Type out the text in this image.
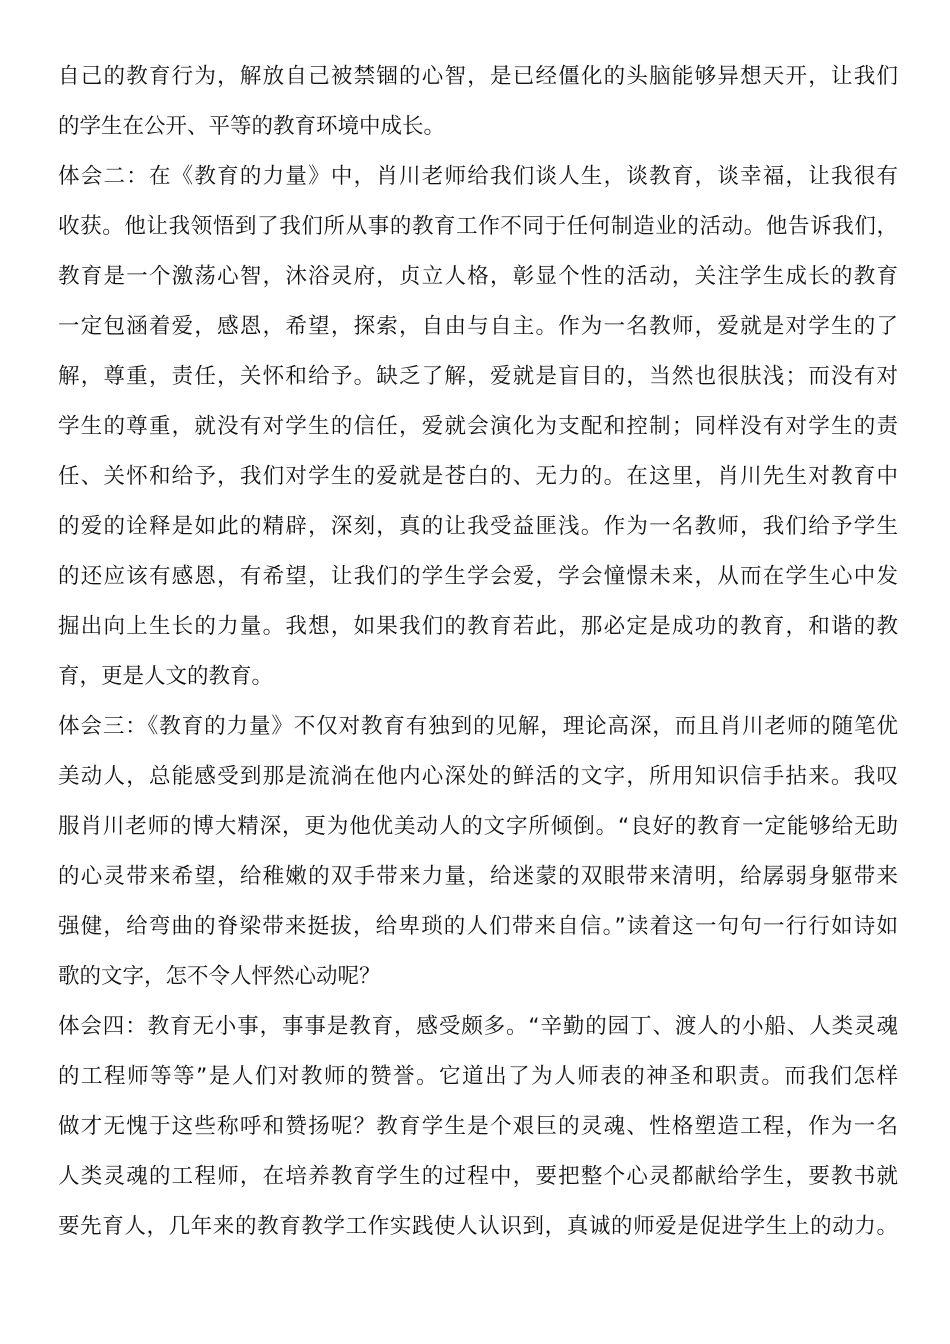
自己的教育行为，解放自己被禁锢的心智，是已经僵化的头脑能够异想天开，让我们
的学生在公开、平等的教育环境中成长。
体会二：在《教育的力量》中，肖川老师给我们谈人生，谈教育，谈幸福，让我很有
收获。他让我领悟到了我们所从事的教育工作不同于任何制造业的活动。他告诉我们，
教育是一个激荡心智，沐浴灵府，贞立人格，彰显个性的活动，关注学生成长的教育
一定包涵着爱，感恩，希望，探索，自由与自主。作为一名教师，爱就是对学生的了
解，尊重，责任，关怀和给予。缺乏了解，爱就是盲目的，当然也很肤浅；而没有对
学生的尊重，就没有对学生的信任，爱就会演化为支配和控制；同样没有对学生的责
任、关怀和给予，我们对学生的爱就是苍白的、无力的。在这里，肖川先生对教育中
的爱的诠释是如此的精辟，深刻，真的让我受益匪浅。作为一名教师，我们给予学生
的还应该有感恩，有希望，让我们的学生学会爱，学会憧憬未来，从而在学生心中发
掘出向上生长的力量。我想，如果我们的教育若此，那必定是成功的教育，和谐的教
育，更是人文的教育。
体会三：《教育的力量》不仅对教育有独到的见解，理论高深，而且肖川老师的随笔优
美动人，总能感受到那是流淌在他内心深处的鲜活的文字，所用知识信手拈来。我叹
服肖川老师的博大精深，更为他优美动人的文字所倾倒。“良好的教育一定能够给无助
的心灵带来希望，给稚嫩的双手带来力量，给迷蒙的双眼带来清明，给孱弱身躯带来
强健，给弯曲的脊梁带来挺拔，给卑琐的人们带来自信。”读着这一句句一行行如诗如
歌的文字，怎不令人怦然心动呢？
体会四：教育无小事，事事是教育，感受颇多。“辛勤的园丁、渡人的小船、人类灵魂
的工程师等等”是人们对教师的赞誉。它道出了为人师表的神圣和职责。而我们怎样
做才无愧于这些称呼和赞扬呢？教育学生是个艰巨的灵魂、性格塑造工程，作为一名
人类灵魂的工程师，在培养教育学生的过程中，要把整个心灵都献给学生，要教书就
要先育人，几年来的教育教学工作实践使人认识到，真诚的师爱是促进学生上的动力。
